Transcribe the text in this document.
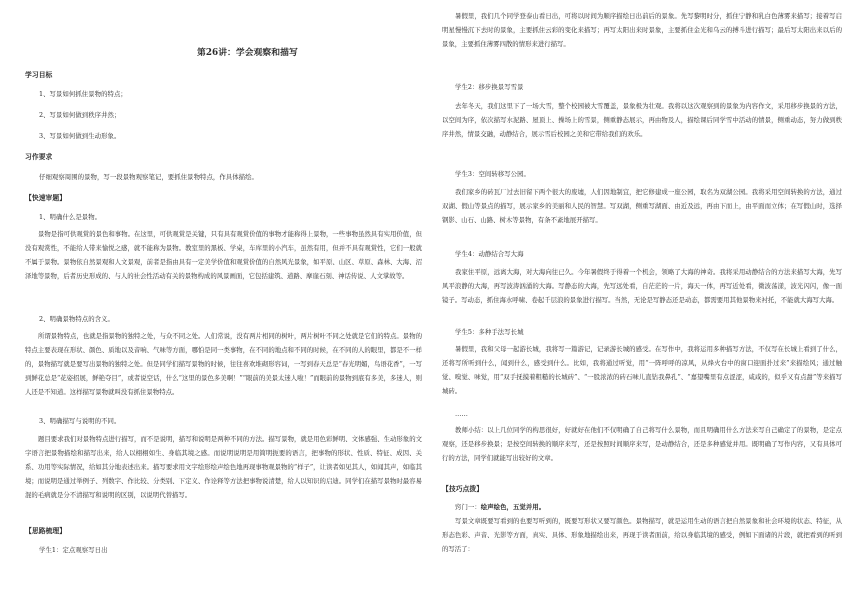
第26讲：学会观察和描写
学习目标
1、写景如何抓住景物的特点；
2、写景如何做到秩序井然；
3、写景如何做到生动形象。
习作要求
仔细观察周围的景物，写一段景物观察笔记，要抓住景物特点，作具体描绘。
【快速审题】
1、明确什么是景物。
景物是指可供观赏的景色和事物。在这里，可供观赏是关键，只有具有观赏价值的事物才能称得上景物，一些事物虽然具有实用价值，但没有观赏性，不能给人带来愉悦之感，就不能称为景物。教室里的黑板、学桌，车库里的小汽车，虽然有用，但并不具有观赏性，它们一般就不属于景物。景物依自然景观和人文景观，前者是指由具有一定美学价值和观赏价值的自然风光景象，如平原、山区、草原、森林、大海、沼泽地等景物，后者历史形成的、与人的社会性活动有关的景物构成的风景画面，它包括建筑、道路、摩崖石刻、神话传说、人文掌故等。
2、明确景物特点的含义。
所谓景物特点，也就是指景物的独特之处，与众不同之处。人们常说，没有两片相同的树叶，两片树叶不同之处就是它们的特点。景物的特点主要表现在形状、颜色、质地以及音响、气味等方面，哪怕是同一类事物，在不同的地点和不同的时候，在不同的人的眼里，都是不一样的，景物描写就是要写出景物的独特之处。但是同学们描写景物的时候，往往喜欢堆砌形容词，一写到春天总是“春光明媚，鸟语花香”，一写到鲜花总是“花姿招展，鲜艳夺目”，或者说空话，什么“这里的景色多美啊！”“眼前的美景太迷人啦！”而眼前的景物到底有多美，多迷人，则人还是不知道。这样描写景物就叫没有抓住景物特点。
3、明确描写与说明的不同。
题目要求我们对景物特点进行描写，而不是说明，描写和说明是两种不同的方法。描写景物，就是用色彩鲜明、文体感强、生动形象的文字语言把景物描绘和描写出来，给人以栩栩如生、身临其境之感。而说明说明是用简明扼要的语言，把事物的形状、性质、特征、成因、关系、功用等实际情况，给如其分地表述出来。描写要求用文字绘形绘声绘色地再现事物观景物的“样子”，让读者如见其人，如闻其声，如临其境；而说明是通过举例子、列数字、作比较、分类别、下定义、作诠释等方法把事物说清楚，给人以知识的启迪。同学们在描写景物时最容易混的毛病就是分不清描写和说明的区别，以说明代替描写。
【思路梳理】
学生1：定点观察写日出
暑假里，我们几个同学登泰山看日出，可将以时间为顺序描绘日出前后的景象。先写黎明时分，抓住宁静和乳白色薄雾来描写；接着写启明星慢慢沉下去时的景象，主要抓住云彩的变化来描写；再写太阳出来时景象，主要抓住金光和乌云的搏斗进行描写；最后写太阳出来以后的景象，主要抓住薄雾四散的情形来进行描写。
学生2：移步换景写雪景
去年冬天，我们这里下了一场大雪，整个校园被大雪覆盖，景象极为壮观。我将以这次观察到的景象为内容作文，采用移步换景的方法，以空间为序，依次描写水泥路、屋顶上、操场上的雪景，侧重静态展示，再由物及人，描绘课后同学雪中活动的情景，侧重动态，努力做到秩序井然，情景交融，动静结合，展示雪后校园之美和它带给我们的欢乐。
学生3：空间转移写公园。
我们家乡的砖瓦厂过去旧留下两个很大的废墟，人们因地制宜，把它修建成一座公园，取名为双湖公园。我将采用空间转换的方法，通过双湖、假山等景点的描写，展示家乡的美丽和人民的智慧。写双湖，侧重写湖面、由近及远，再由下而上，由平面而立体；在写假山时，选择钢影、山石、山路、树木等景物，有条不紊地展开描写。
学生4：动静结合写大海
我家住平原，远离大海，对大海向往已久。今年暑假终于得着一个机会，领略了大海的神奇。我将采用动静结合的方法来描写大海，先写风平浪静的大海，再写波涛汹涌的大海。写静态的大海，先写远处看，自茫茫的一片，海天一体，再写近处看，微波荡漾，波光闪闪，像一面镜子。写动态，抓住海水呼啸、卷起千层浪的景象进行描写。当然，无论是写静态还是动态，都需要用其他景物来衬托，不能就大海写大海。
学生5：多种手法写长城
暑假里，我和父母一起游长城，我将写一篇游记，记录游长城的感受。在写作中，我将运用多种描写方法，不仅写在长城上看到了什么，还将写所听到什么，闻到什么，感受到什么。比如，我将通过听觉，用“一阵呼呼的凉风，从烽火台中的窗口迎面扑过来”来描绘风；通过触觉、嗅觉、味觉，用“双手抚摸着粗糙的长城砖”、“一股浓浓的砖石味儿直钻我鼻孔”、“嘉望嘴里有点涩涩，咸咸的，似乎又有点甜”等来描写城砖。
……
教师小结：以上几位同学的构思很好，好就好在他们不仅明确了自己将写什么景物，而且明确用什么方法来写自己确定了的景物，是定点观察，还是移步换景；是按空间转换的顺序来写，还是按照时间顺序来写，是动静结合，还是多种感觉并用。既明确了写作内容，又有具体可行的方法，同学们就能写出较好的文章。
【技巧点拨】
窍门一：绘声绘色，五觉并用。
写景文章既要写看到的也要写听到的，既要写形状又要写颜色。景物描写，就是运用生动的语言把自然景象和社会环境的状态、特征，从形态色彩、声音、光影等方面，真实、具体、形象地描绘出来，再现于读者面前，给以身临其境的感受，例如下面诸的片段，就把看到的听到的写活了：
